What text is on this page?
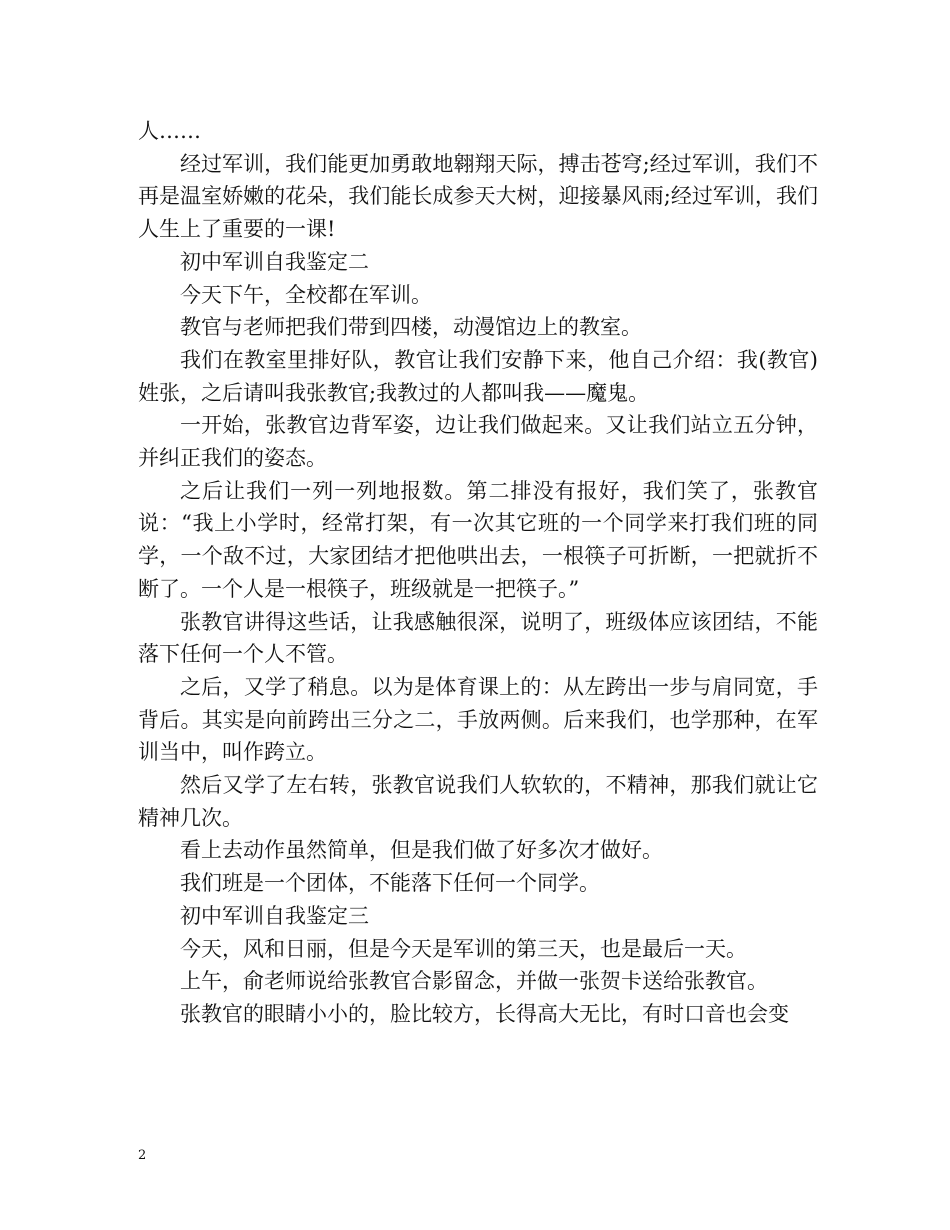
人……

经过军训，我们能更加勇敢地翱翔天际，搏击苍穹;经过军训，我们不再是温室娇嫩的花朵，我们能长成参天大树，迎接暴风雨;经过军训，我们人生上了重要的一课!

初中军训自我鉴定二

今天下午，全校都在军训。

教官与老师把我们带到四楼，动漫馆边上的教室。

我们在教室里排好队，教官让我们安静下来，他自己介绍：我(教官)姓张，之后请叫我张教官;我教过的人都叫我——魔鬼。

一开始，张教官边背军姿，边让我们做起来。又让我们站立五分钟，并纠正我们的姿态。

之后让我们一列一列地报数。第二排没有报好，我们笑了，张教官说：“我上小学时，经常打架，有一次其它班的一个同学来打我们班的同学，一个敌不过，大家团结才把他哄出去，一根筷子可折断，一把就折不断了。一个人是一根筷子，班级就是一把筷子。”

张教官讲得这些话，让我感触很深，说明了，班级体应该团结，不能落下任何一个人不管。

之后，又学了稍息。以为是体育课上的：从左跨出一步与肩同宽，手背后。其实是向前跨出三分之二，手放两侧。后来我们，也学那种，在军训当中，叫作跨立。

然后又学了左右转，张教官说我们人软软的，不精神，那我们就让它精神几次。

看上去动作虽然简单，但是我们做了好多次才做好。

我们班是一个团体，不能落下任何一个同学。

初中军训自我鉴定三

今天，风和日丽，但是今天是军训的第三天，也是最后一天。

上午，俞老师说给张教官合影留念，并做一张贺卡送给张教官。

张教官的眼睛小小的，脸比较方，长得高大无比，有时口音也会变

2
